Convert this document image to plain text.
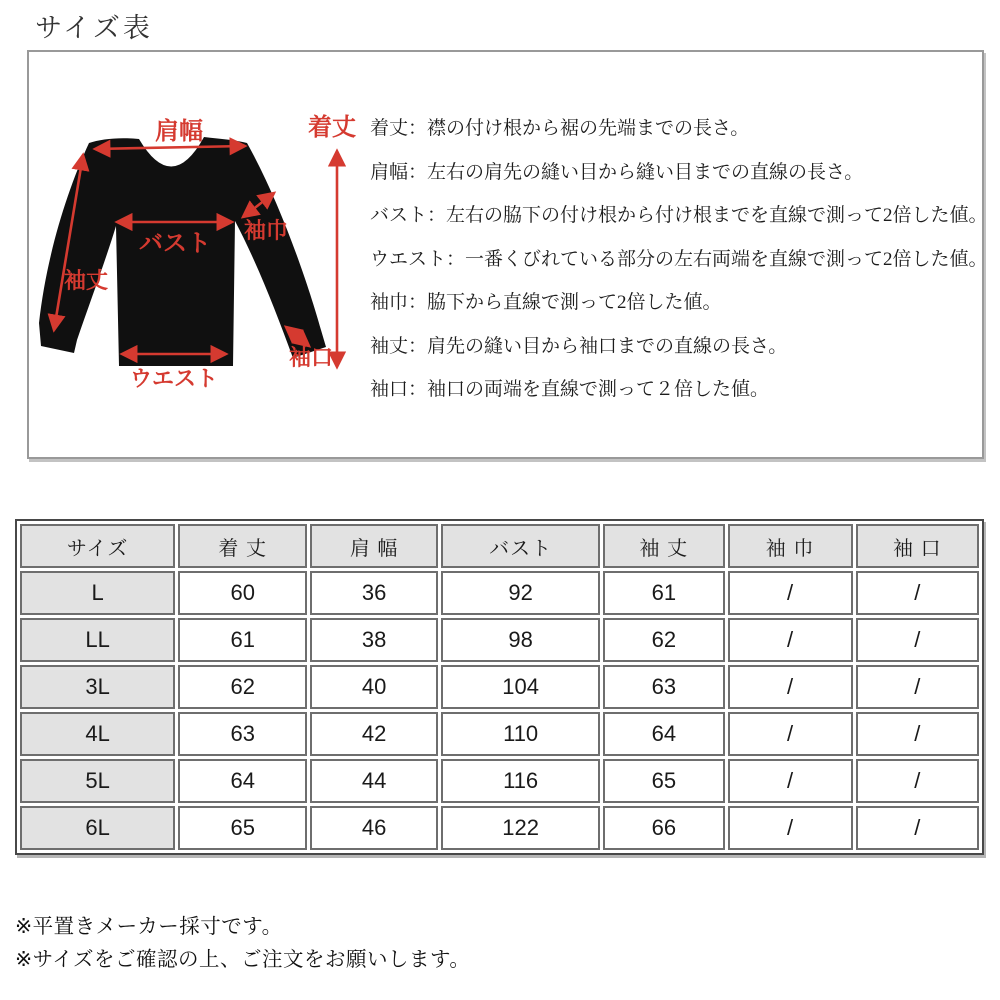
サイズ表
肩幅	着丈
バスト 袖巾
袖丈
ウエスト
袖口

着丈：襟の付け根から裾の先端までの長さ。

肩幅：左右の肩先の縫い目から縫い目までの直線の長さ。

バスト：左右の脇下の付け根から付け根までを直線で測って2倍した値。

ウエスト：一番くびれている部分の左右両端を直線で測って2倍した値。

袖巾：脇下から直線で測って2倍した値。

袖丈：肩先の縫い目から袖口までの直線の長さ。

袖口：袖口の両端を直線で測って２倍した値。

サイズ	着 丈	肩 幅	バスト	袖 丈	袖 巾	袖 口
L	60	36	92	61	/	/
LL	61	38	98	62	/	/
3L	62	40	104	63	/	/
4L	63	42	110	64	/	/
5L	64	44	116	65	/	/
6L	65	46	122	66	/	/

※平置きメーカー採寸です。

※サイズをご確認の上、ご注文をお願いします。
